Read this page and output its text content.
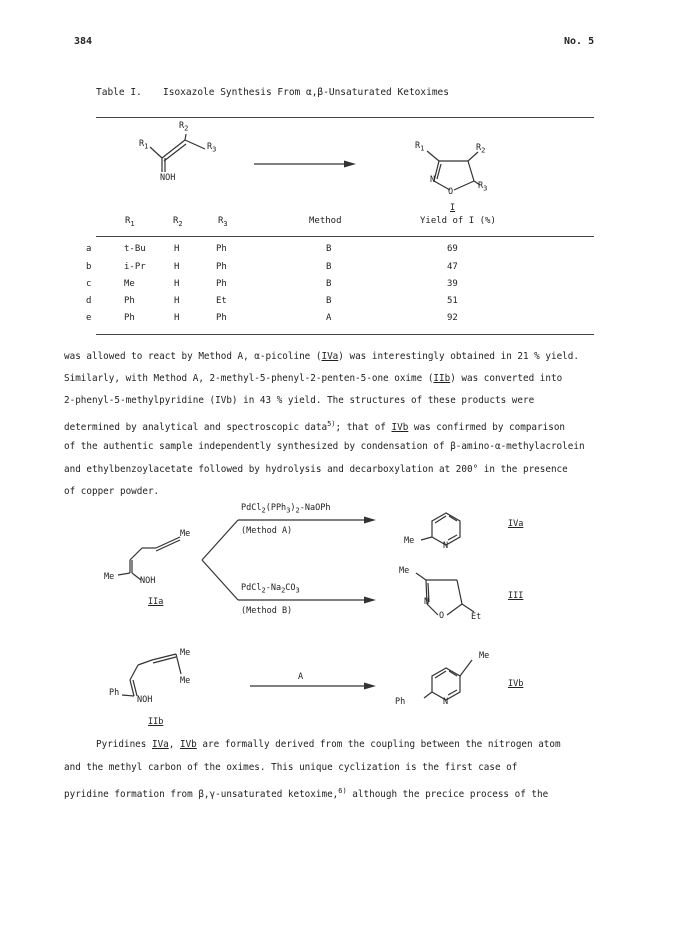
384	No. 5
Table I. Isoxazole Synthesis From α,β-Unsaturated Ketoximes
$R_1$
$R_2$
$R_3$
NOH
$R_1$	$R_2$
$R_3$
N
O
I
$R_1$	$R_2$	$R_3$	Method	Yield of I (%)
a	t-Bu	H	Ph	B	69
b	i-Pr	H	Ph	B	47
c	Me	H	Ph	B	39
d	Ph	H	Et	B	51
e	Ph	H	Ph	A	92
was allowed to react by Method A, α-picoline (IVa) was interestingly obtained in 21 % yield.
Similarly, with Method A, 2-methyl-5-phenyl-2-penten-5-one oxime (IIb) was converted into
2-phenyl-5-methylpyridine (IVb) in 43 % yield. The structures of these products were
determined by analytical and spectroscopic data$^{5)}$; that of IVb was confirmed by comparison
of the authentic sample independently synthesized by condensation of β-amino-α-methylacrolein
and ethylbenzoylacetate followed by hydrolysis and decarboxylation at 200° in the presence
of copper powder.
Me
Me	NOH
IIa
$PdCl_2(PPh_3)_2$-NaOPh
(Method A)
$PdCl_2-Na_2CO_3$
(Method B)
Me	N
IVa
Me
N
O	Et
III
Me
Me
Ph
NOH
IIb
A
Me
Ph	N
IVb
Pyridines IVa, IVb are formally derived from the coupling between the nitrogen atom
and the methyl carbon of the oximes. This unique cyclization is the first case of
pyridine formation from β,γ-unsaturated ketoxime,$^{6)}$ although the precice process of the
